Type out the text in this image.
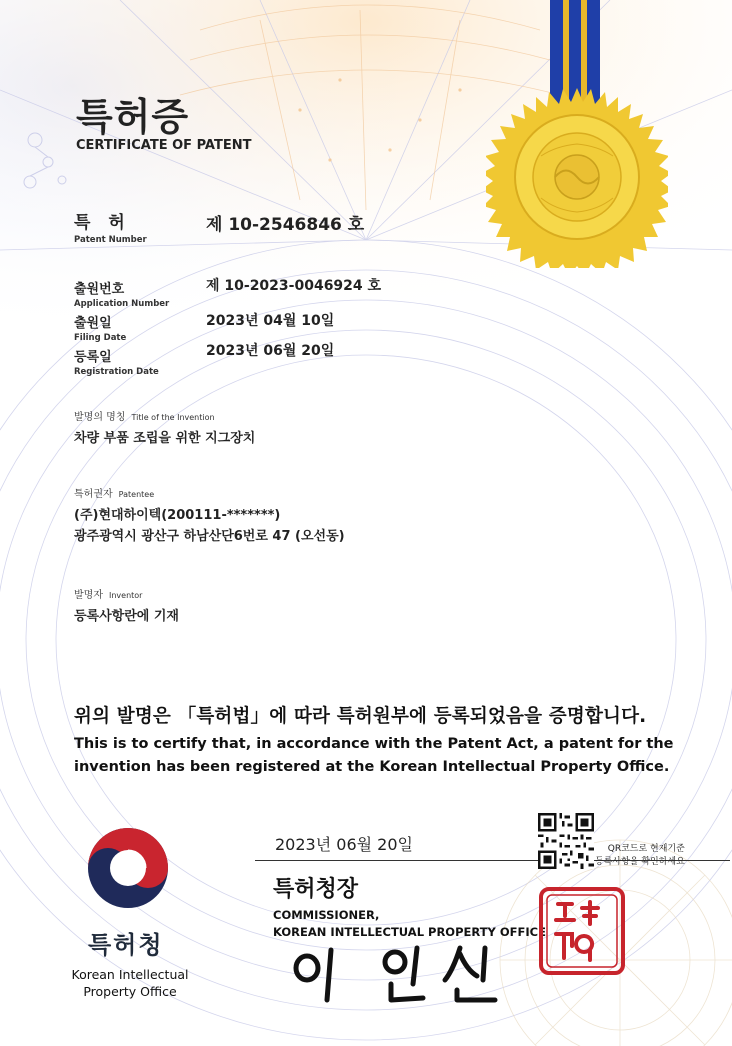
특허증
CERTIFICATE OF PATENT
특 허
Patent Number
제 10-2546846 호
출원번호
Application Number
제 10-2023-0046924 호
출원일
Filing Date
2023년 04월 10일
등록일
Registration Date
2023년 06월 20일
발명의 명칭 Title of the Invention
차량 부품 조립을 위한 지그장치
특허권자 Patentee
(주)현대하이텍(200111-*******)
광주광역시 광산구 하남산단6번로 47 (오선동)
발명자 Inventor
등록사항란에 기재
위의 발명은 「특허법」에 따라 특허원부에 등록되었음을 증명합니다.
This is to certify that, in accordance with the Patent Act, a patent for the invention has been registered at the Korean Intellectual Property Office.
특허청
Korean Intellectual
Property Office
2023년 06월 20일
특허청장
COMMISSIONER,
KOREAN INTELLECTUAL PROPERTY OFFICE
QR코드로 현재기준
등록사항을 확인하세요
